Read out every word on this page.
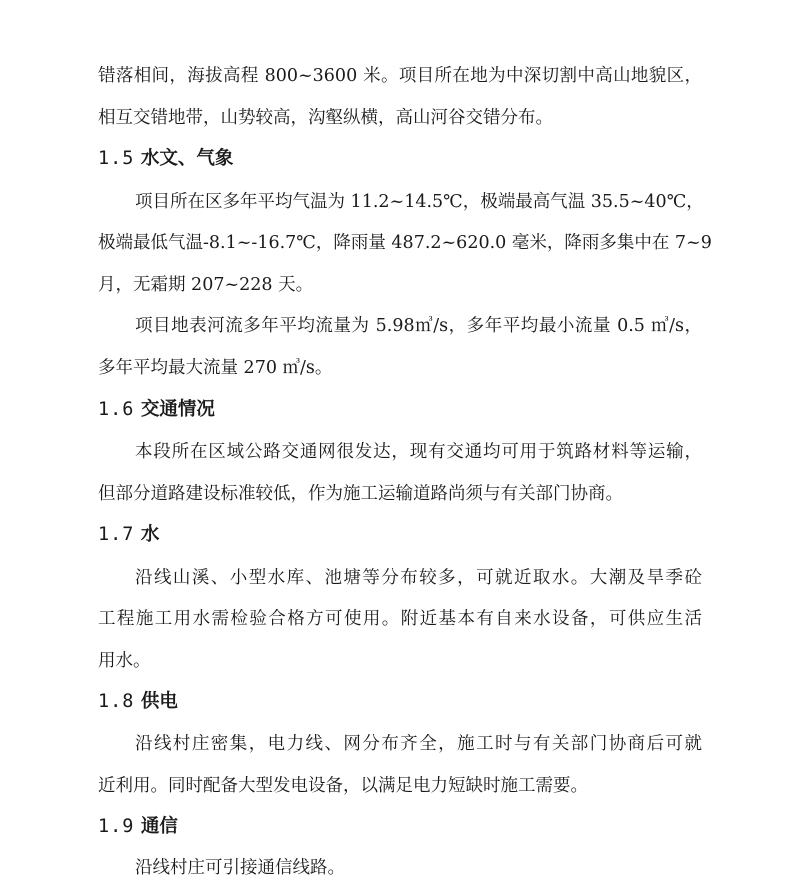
错落相间，海拔高程 800~3600 米。项目所在地为中深切割中高山地貌区，
相互交错地带，山势较高，沟壑纵横，高山河谷交错分布。
1.5 水文、气象
项目所在区多年平均气温为 11.2~14.5℃，极端最高气温 35.5~40℃，
极端最低气温-8.1~-16.7℃，降雨量 487.2~620.0 毫米，降雨多集中在 7~9
月，无霜期 207~228 天。
项目地表河流多年平均流量为 5.98㎥/s，多年平均最小流量 0.5 ㎥/s，
多年平均最大流量 270 ㎥/s。
1.6 交通情况
本段所在区域公路交通网很发达，现有交通均可用于筑路材料等运输，
但部分道路建设标准较低，作为施工运输道路尚须与有关部门协商。
1.7 水
沿线山溪、小型水库、池塘等分布较多，可就近取水。大潮及旱季砼
工程施工用水需检验合格方可使用。附近基本有自来水设备，可供应生活
用水。
1.8 供电
沿线村庄密集，电力线、网分布齐全，施工时与有关部门协商后可就
近利用。同时配备大型发电设备，以满足电力短缺时施工需要。
1.9 通信
沿线村庄可引接通信线路。
